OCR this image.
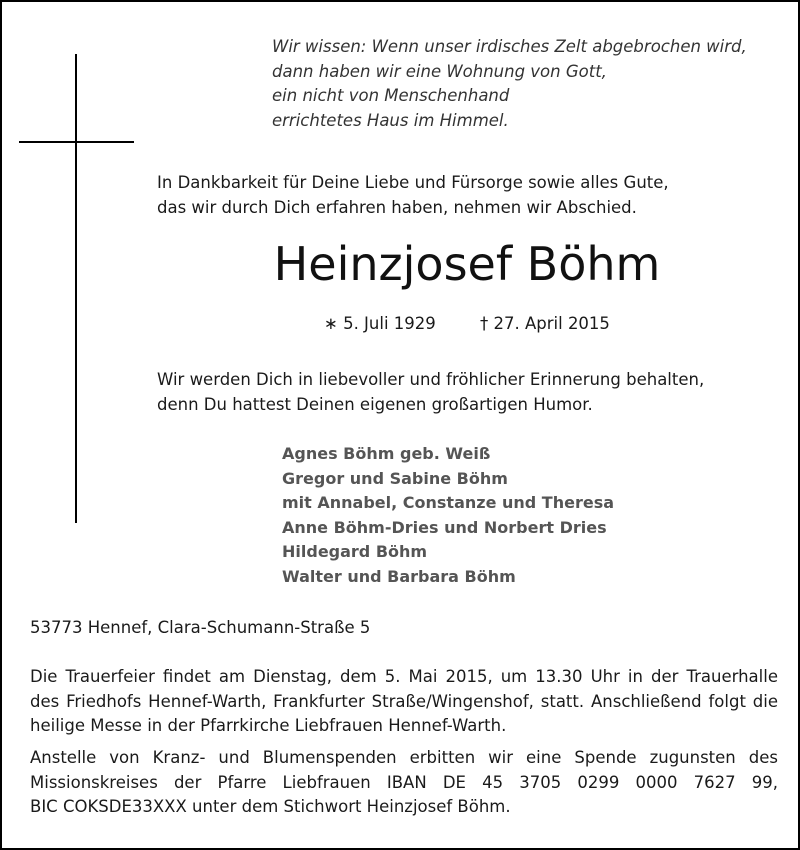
Wir wissen: Wenn unser irdisches Zelt abgebrochen wird,
dann haben wir eine Wohnung von Gott,
ein nicht von Menschenhand
errichtetes Haus im Himmel.

In Dankbarkeit für Deine Liebe und Fürsorge sowie alles Gute,
das wir durch Dich erfahren haben, nehmen wir Abschied.

Heinzjosef Böhm
∗ 5. Juli 1929	† 27. April 2015

Wir werden Dich in liebevoller und fröhlicher Erinnerung behalten,
denn Du hattest Deinen eigenen großartigen Humor.

Agnes Böhm geb. Weiß
Gregor und Sabine Böhm
mit Annabel, Constanze und Theresa
Anne Böhm-Dries und Norbert Dries
Hildegard Böhm
Walter und Barbara Böhm
53773 Hennef, Clara-Schumann-Straße 5

Die Trauerfeier findet am Dienstag, dem 5. Mai 2015, um 13.30 Uhr in der Trauerhalle
des Friedhofs Hennef-Warth, Frankfurter Straße/Wingenshof, statt. Anschließend folgt die
heilige Messe in der Pfarrkirche Liebfrauen Hennef-Warth.

Anstelle von Kranz- und Blumenspenden erbitten wir eine Spende zugunsten des
Missionskreises der Pfarre Liebfrauen IBAN DE 45 3705 0299 0000 7627 99,
BIC COKSDE33XXX unter dem Stichwort Heinzjosef Böhm.
